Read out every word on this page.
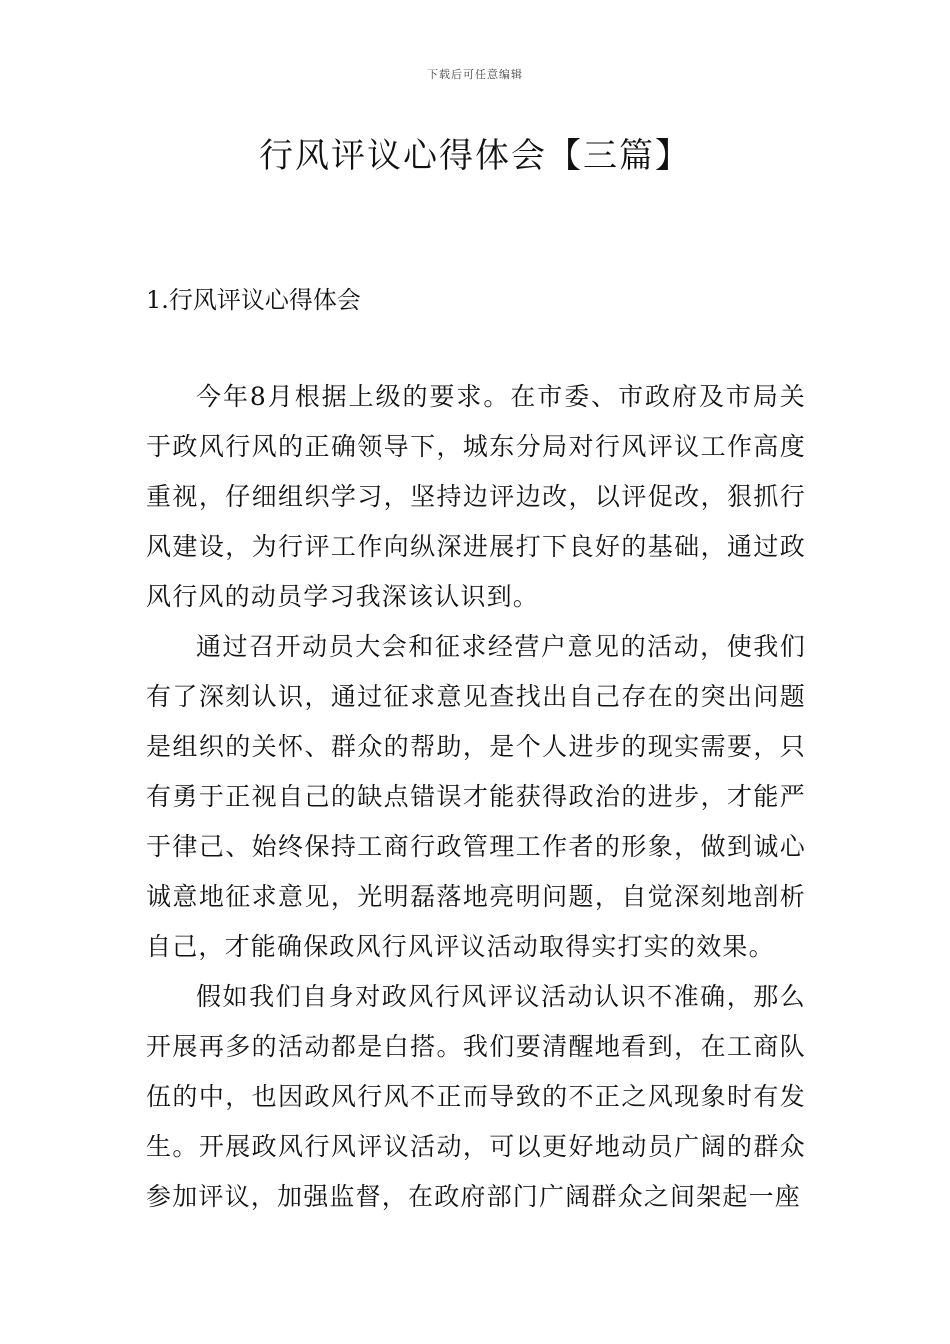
下载后可任意编辑
行风评议心得体会【三篇】
1.行风评议心得体会

今年8月根据上级的要求。在市委、市政府及市局关于政风行风的正确领导下，城东分局对行风评议工作高度重视，仔细组织学习，坚持边评边改，以评促改，狠抓行风建设，为行评工作向纵深进展打下良好的基础，通过政风行风的动员学习我深该认识到。

通过召开动员大会和征求经营户意见的活动，使我们有了深刻认识，通过征求意见查找出自己存在的突出问题是组织的关怀、群众的帮助，是个人进步的现实需要，只有勇于正视自己的缺点错误才能获得政治的进步，才能严于律己、始终保持工商行政管理工作者的形象，做到诚心诚意地征求意见，光明磊落地亮明问题，自觉深刻地剖析自己，才能确保政风行风评议活动取得实打实的效果。

假如我们自身对政风行风评议活动认识不准确，那么开展再多的活动都是白搭。我们要清醒地看到，在工商队伍的中，也因政风行风不正而导致的不正之风现象时有发生。开展政风行风评议活动，可以更好地动员广阔的群众参加评议，加强监督，在政府部门广阔群众之间架起一座
